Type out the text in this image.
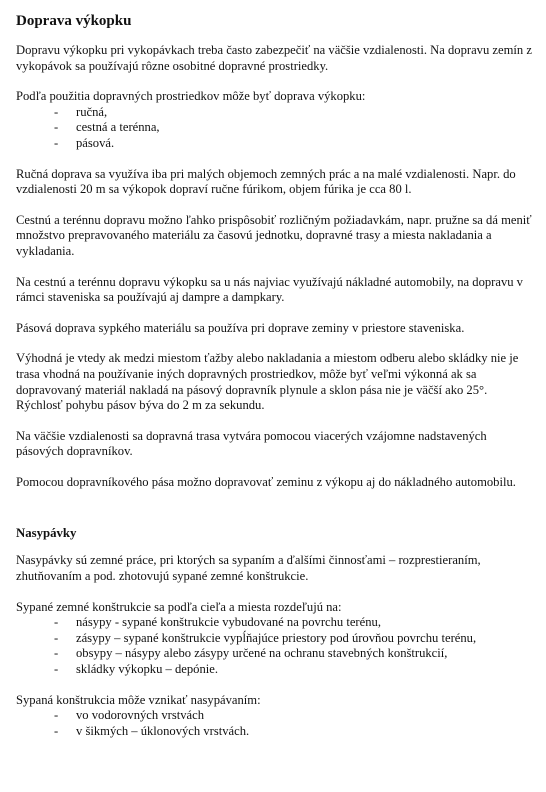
Doprava výkopku

Dopravu výkopku pri vykopávkach treba často zabezpečiť na väčšie vzdialenosti. Na dopravu zemín z vykopávok sa používajú rôzne osobitné dopravné prostriedky.

Podľa použitia dopravných prostriedkov môže byť doprava výkopku:

- ručná,
- cestná a terénna,
- pásová.

Ručná doprava sa využíva iba pri malých objemoch zemných prác a na malé vzdialenosti. Napr. do vzdialenosti 20 m sa výkopok dopraví ručne fúrikom, objem fúrika je cca 80 l.

Cestnú a terénnu dopravu možno ľahko prispôsobiť rozličným požiadavkám, napr. pružne sa dá meniť množstvo prepravovaného materiálu za časovú jednotku, dopravné trasy a miesta nakladania a vykladania.

Na cestnú a terénnu dopravu výkopku sa u nás najviac využívajú nákladné automobily, na dopravu v rámci staveniska sa používajú aj dampre a dampkary.

Pásová doprava sypkého materiálu sa používa pri doprave zeminy v priestore staveniska.

Výhodná je vtedy ak medzi miestom ťažby alebo nakladania a miestom odberu alebo skládky nie je trasa vhodná na používanie iných dopravných prostriedkov, môže byť veľmi výkonná ak sa dopravovaný materiál nakladá na pásový dopravník plynule a sklon pása nie je väčší ako 25°. Rýchlosť pohybu pásov býva do 2 m za sekundu.

Na väčšie vzdialenosti sa dopravná trasa vytvára pomocou viacerých vzájomne nadstavených pásových dopravníkov.

Pomocou dopravníkového pása možno dopravovať zeminu z výkopu aj do nákladného automobilu.

Nasypávky

Nasypávky sú zemné práce, pri ktorých sa sypaním a ďalšími činnosťami – rozprestieraním, zhutňovaním a pod. zhotovujú sypané zemné konštrukcie.

Sypané zemné konštrukcie sa podľa cieľa a miesta rozdeľujú na:

- násypy - sypané konštrukcie vybudované na povrchu terénu,
- zásypy – sypané konštrukcie vypĺňajúce priestory pod úrovňou povrchu terénu,
- obsypy – násypy alebo zásypy určené na ochranu stavebných konštrukcií,
- skládky výkopku – depónie.

Sypaná konštrukcia môže vznikať nasypávaním:

- vo vodorovných vrstvách
- v šikmých – úklonových vrstvách.
